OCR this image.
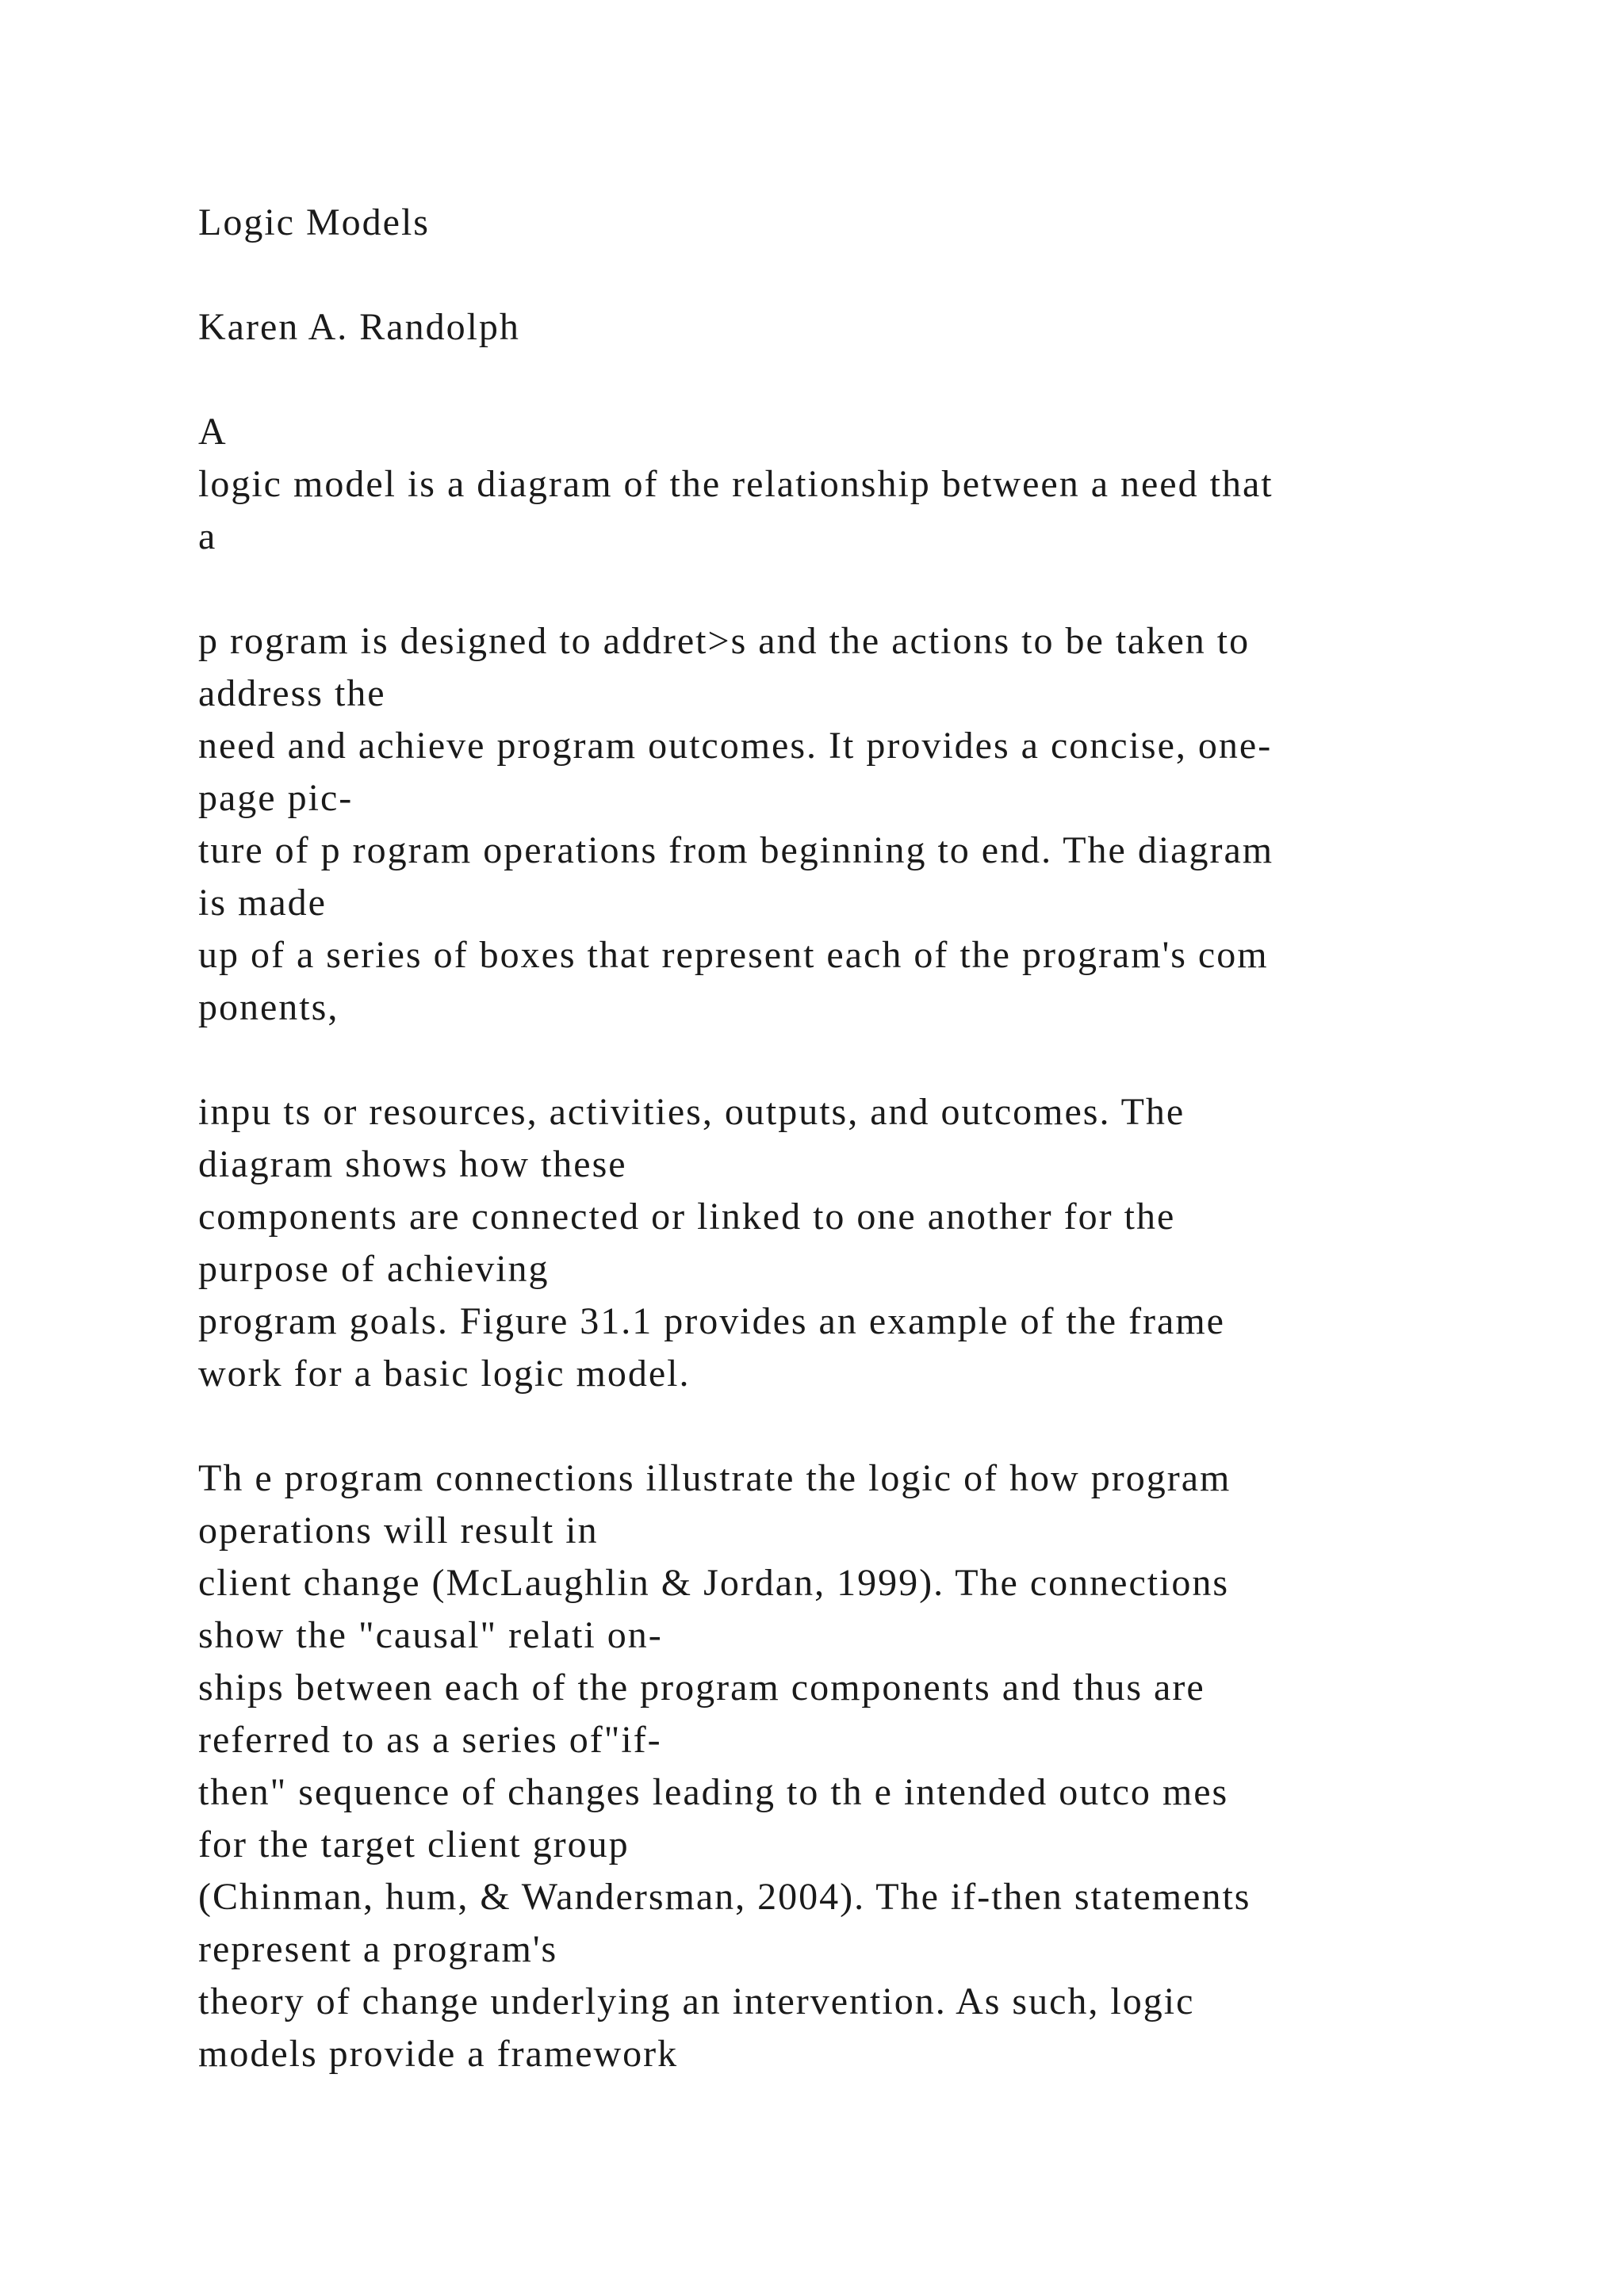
Logic Models
Karen A. Randolph
A
logic model is a diagram of the relationship between a need that
a
p rogram is designed to addret>s and the actions to be taken to
address the
need and achieve program outcomes. It provides a concise, one-
page pic-
ture of p rogram operations from beginning to end. The diagram
is made
up of a series of boxes that represent each of the program's com
ponents,
inpu ts or resources, activities, outputs, and outcomes. The
diagram shows how these
components are connected or linked to one another for the
purpose of achieving
program goals. Figure 31.1 provides an example of the frame
work for a basic logic model.
Th e program connections illustrate the logic of how program
operations will result in
client change (McLaughlin & Jordan, 1999). The connections
show the "causal" relati on-
ships between each of the program components and thus are
referred to as a series of"if-
then" sequence of changes leading to th e intended outco mes
for the target client group
(Chinman, hum, & Wandersman, 2004). The if-then statements
represent a program's
theory of change underlying an intervention. As such, logic
models provide a framework
